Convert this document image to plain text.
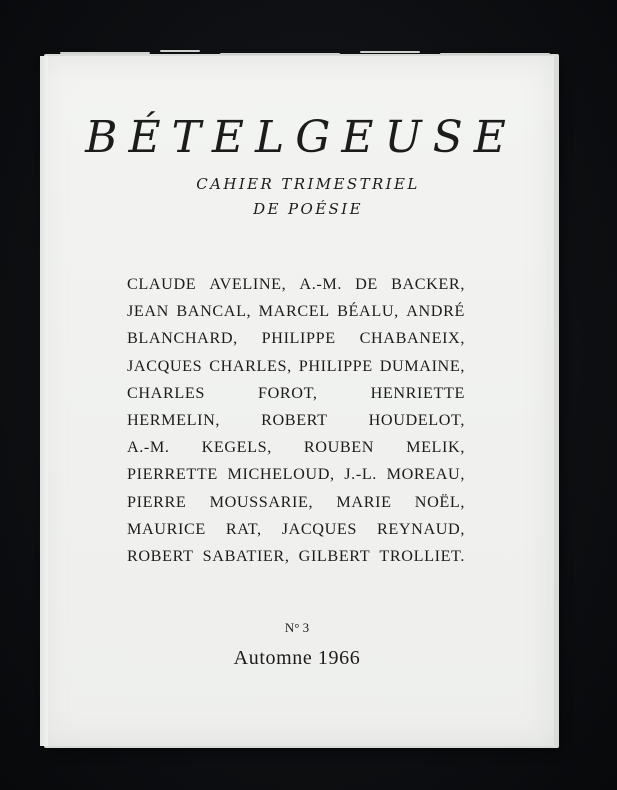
BÉTELGEUSE
CAHIER TRIMESTRIEL
DE POÉSIE
CLAUDE AVELINE, A.-M. DE BACKER,
JEAN BANCAL, MARCEL BÉALU, ANDRÉ
BLANCHARD, PHILIPPE CHABANEIX,
JACQUES CHARLES, PHILIPPE DUMAINE,
CHARLES	FOROT,	HENRIETTE
HERMELIN,	ROBERT	HOUDELOT,
A.-M. KEGELS, ROUBEN MELIK,
PIERRETTE MICHELOUD, J.-L. MOREAU,
PIERRE MOUSSARIE, MARIE NOËL,
MAURICE RAT, JACQUES REYNAUD,
ROBERT SABATIER, GILBERT TROLLIET.
N° 3
Automne 1966
